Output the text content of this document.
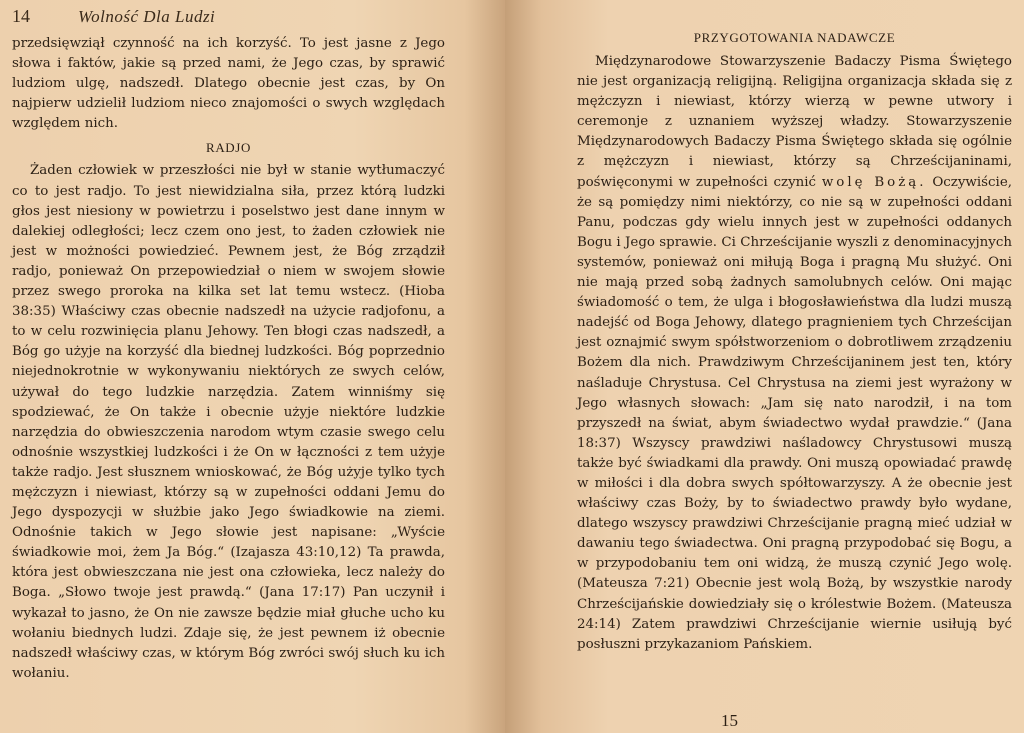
14	Wolność Dla Ludzi

przedsięwziął czynność na ich korzyść. To jest jasne z Jego słowa i faktów, jakie są przed nami, że Jego czas, by sprawić ludziom ulgę, nadszedł. Dlatego obecnie jest czas, by On najpierw udzielił ludziom nieco znajomości o swych względach względem nich.

RADJO

Żaden człowiek w przeszłości nie był w stanie wytłumaczyć co to jest radjo. To jest niewidzialna siła, przez którą ludzki głos jest niesiony w powietrzu i poselstwo jest dane innym w dalekiej odległości; lecz czem ono jest, to żaden człowiek nie jest w możności powiedzieć. Pewnem jest, że Bóg zrządził radjo, ponieważ On przepowiedział o niem w swojem słowie przez swego proroka na kilka set lat temu wstecz. (Hioba 38:35) Właściwy czas obecnie nadszedł na użycie radjofonu, a to w celu rozwinięcia planu Jehowy. Ten błogi czas nadszedł, a Bóg go użyje na korzyść dla biednej ludzkości. Bóg poprzednio niejednokrotnie w wykonywaniu niektórych ze swych celów, używał do tego ludzkie narzędzia. Zatem winniśmy się spodziewać, że On także i obecnie użyje niektóre ludzkie narzędzia do obwieszczenia narodom wtym czasie swego celu odnośnie wszystkiej ludzkości i że On w łączności z tem użyje także radjo. Jest słusznem wnioskować, że Bóg użyje tylko tych mężczyzn i niewiast, którzy są w zupełności oddani Jemu do Jego dyspozycji w służbie jako Jego świadkowie na ziemi. Odnośnie takich w Jego słowie jest napisane: „Wyście świadkowie moi, żem Ja Bóg.“ (Izajasza 43:10,12) Ta prawda, która jest obwieszczana nie jest ona człowieka, lecz należy do Boga. „Słowo twoje jest prawdą.“ (Jana 17:17) Pan uczynił i wykazał to jasno, że On nie zawsze będzie miał głuche ucho ku wołaniu biednych ludzi. Zdaje się, że jest pewnem iż obecnie nadszedł właściwy czas, w którym Bóg zwróci swój słuch ku ich wołaniu.

PRZYGOTOWANIA NADAWCZE

Międzynarodowe Stowarzyszenie Badaczy Pisma Świętego nie jest organizacją religijną. Religijna organizacja składa się z mężczyzn i niewiast, którzy wierzą w pewne utwory i ceremonje z uznaniem wyższej władzy. Stowarzyszenie Międzynarodowych Badaczy Pisma Świętego składa się ogólnie z mężczyzn i niewiast, którzy są Chrześcijaninami, poświęconymi w zupełności czynić wolę Bożą. Oczywiście, że są pomiędzy nimi niektórzy, co nie są w zupełności oddani Panu, podczas gdy wielu innych jest w zupełności oddanych Bogu i Jego sprawie. Ci Chrześcijanie wyszli z denominacyjnych systemów, ponieważ oni miłują Boga i pragną Mu służyć. Oni nie mają przed sobą żadnych samolubnych celów. Oni mając świadomość o tem, że ulga i błogosławieństwa dla ludzi muszą nadejść od Boga Jehowy, dlatego pragnieniem tych Chrześcijan jest oznajmić swym spółstworzeniom o dobrotliwem zrządzeniu Bożem dla nich. Prawdziwym Chrześcijaninem jest ten, który naśladuje Chrystusa. Cel Chrystusa na ziemi jest wyrażony w Jego własnych słowach: „Jam się nato narodził, i na tom przyszedł na świat, abym świadectwo wydał prawdzie.“ (Jana 18:37) Wszyscy prawdziwi naśladowcy Chrystusowi muszą także być świadkami dla prawdy. Oni muszą opowiadać prawdę w miłości i dla dobra swych spółtowarzyszy. A że obecnie jest właściwy czas Boży, by to świadectwo prawdy było wydane, dlatego wszyscy prawdziwi Chrześcijanie pragną mieć udział w dawaniu tego świadectwa. Oni pragną przypodobać się Bogu, a w przypodobaniu tem oni widzą, że muszą czynić Jego wolę. (Mateusza 7:21) Obecnie jest wolą Bożą, by wszystkie narody Chrześcijańskie dowiedziały się o królestwie Bożem. (Mateusza 24:14) Zatem prawdziwi Chrześcijanie wiernie usiłują być posłuszni przykazaniom Pańskiem.

15
